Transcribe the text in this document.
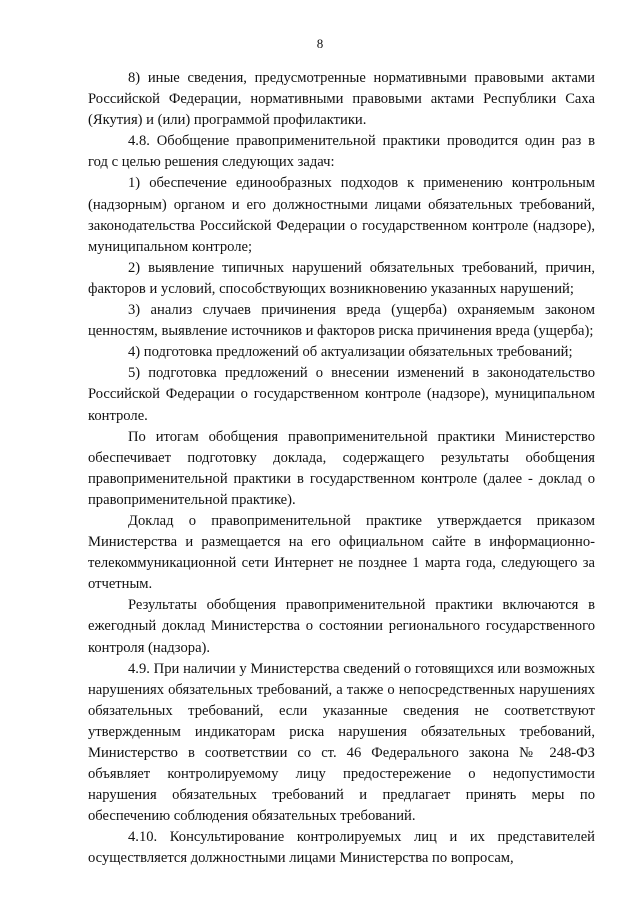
8

8) иные сведения, предусмотренные нормативными правовыми актами Российской Федерации, нормативными правовыми актами Республики Саха (Якутия) и (или) программой профилактики.

4.8. Обобщение правоприменительной практики проводится один раз в год с целью решения следующих задач:

1) обеспечение единообразных подходов к применению контрольным (надзорным) органом и его должностными лицами обязательных требований, законодательства Российской Федерации о государственном контроле (надзоре), муниципальном контроле;

2) выявление типичных нарушений обязательных требований, причин, факторов и условий, способствующих возникновению указанных нарушений;

3) анализ случаев причинения вреда (ущерба) охраняемым законом ценностям, выявление источников и факторов риска причинения вреда (ущерба);

4) подготовка предложений об актуализации обязательных требований;

5) подготовка предложений о внесении изменений в законодательство Российской Федерации о государственном контроле (надзоре), муниципальном контроле.

По итогам обобщения правоприменительной практики Министерство обеспечивает подготовку доклада, содержащего результаты обобщения правоприменительной практики в государственном контроле (далее - доклад о правоприменительной практике).

Доклад о правоприменительной практике утверждается приказом Министерства и размещается на его официальном сайте в информационно-телекоммуникационной сети Интернет не позднее 1 марта года, следующего за отчетным.

Результаты обобщения правоприменительной практики включаются в ежегодный доклад Министерства о состоянии регионального государственного контроля (надзора).

4.9. При наличии у Министерства сведений о готовящихся или возможных нарушениях обязательных требований, а также о непосредственных нарушениях обязательных требований, если указанные сведения не соответствуют утвержденным индикаторам риска нарушения обязательных требований, Министерство в соответствии со ст. 46 Федерального закона № 248-ФЗ объявляет контролируемому лицу предостережение о недопустимости нарушения обязательных требований и предлагает принять меры по обеспечению соблюдения обязательных требований.

4.10. Консультирование контролируемых лиц и их представителей осуществляется должностными лицами Министерства по вопросам,
